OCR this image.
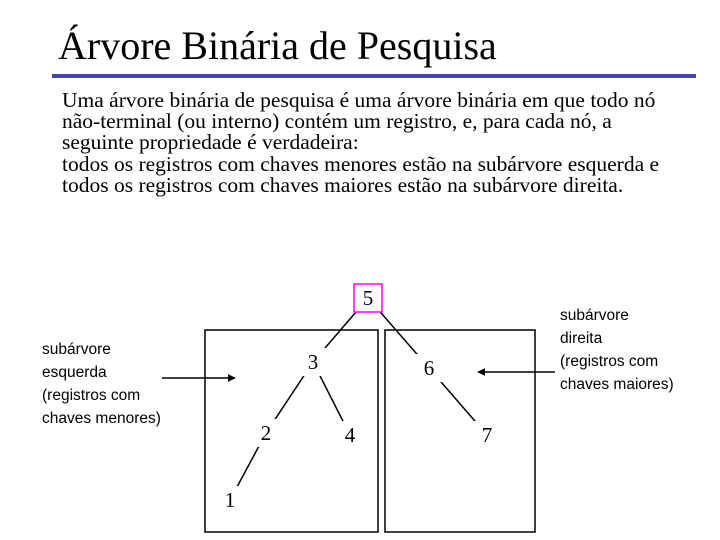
Árvore Binária de Pesquisa

Uma árvore binária de pesquisa é uma árvore binária em que todo nó não-terminal (ou interno) contém um registro, e, para cada nó, a seguinte propriedade é verdadeira:

todos os registros com chaves menores estão na subárvore esquerda e todos os registros com chaves maiores estão na subárvore direita.

5
3	6
2	4	7
1
subárvore
esquerda
(registros com
chaves menores)
subárvore
direita
(registros com
chaves maiores)
